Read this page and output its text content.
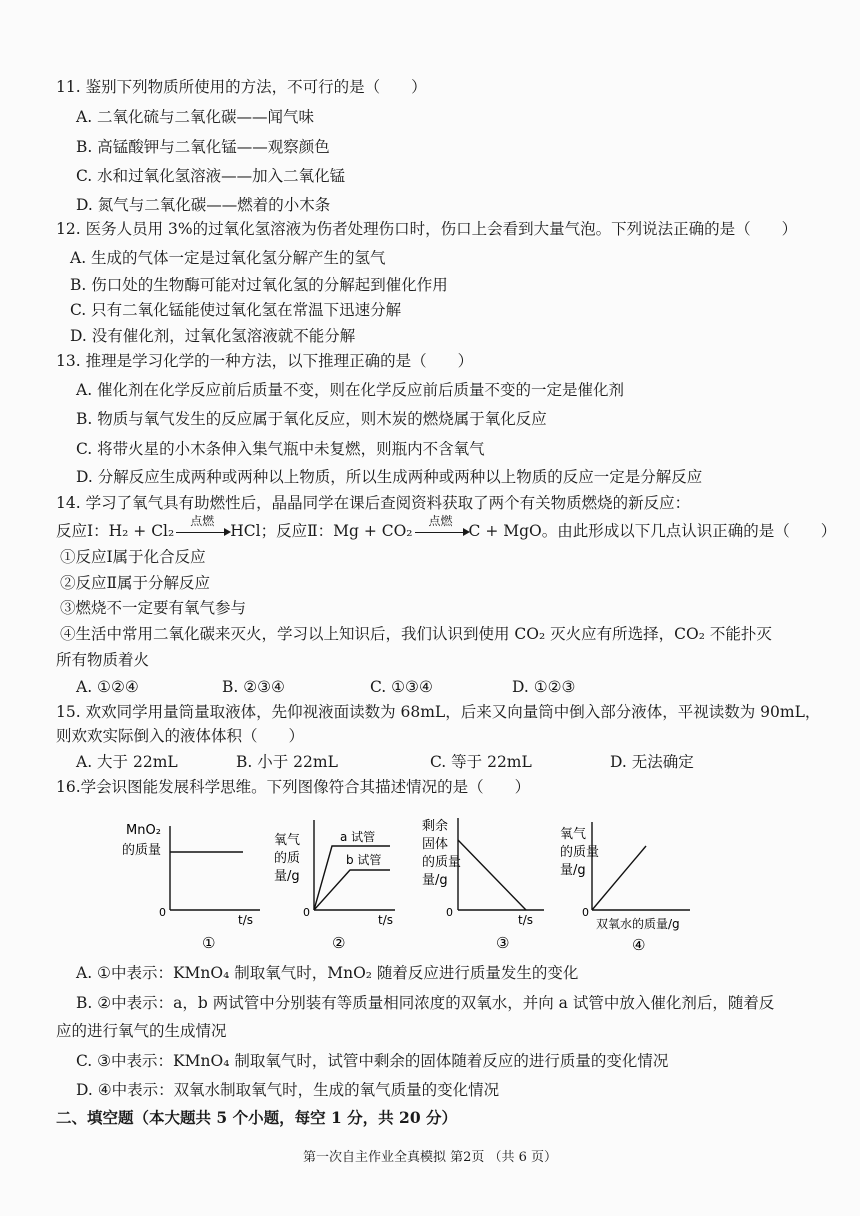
11. 鉴别下列物质所使用的方法，不可行的是（　　）
A. 二氧化硫与二氧化碳——闻气味
B. 高锰酸钾与二氧化锰——观察颜色
C. 水和过氧化氢溶液——加入二氧化锰
D. 氮气与二氧化碳——燃着的小木条
12. 医务人员用 3%的过氧化氢溶液为伤者处理伤口时，伤口上会看到大量气泡。下列说法正确的是（　　）
A. 生成的气体一定是过氧化氢分解产生的氢气
B. 伤口处的生物酶可能对过氧化氢的分解起到催化作用
C. 只有二氧化锰能使过氧化氢在常温下迅速分解
D. 没有催化剂，过氧化氢溶液就不能分解
13. 推理是学习化学的一种方法，以下推理正确的是（　　）
A. 催化剂在化学反应前后质量不变，则在化学反应前后质量不变的一定是催化剂
B. 物质与氧气发生的反应属于氧化反应，则木炭的燃烧属于氧化反应
C. 将带火星的小木条伸入集气瓶中未复燃，则瓶内不含氧气
D. 分解反应生成两种或两种以上物质，所以生成两种或两种以上物质的反应一定是分解反应
14. 学习了氧气具有助燃性后，晶晶同学在课后查阅资料获取了两个有关物质燃烧的新反应：
反应Ⅰ：H₂ + Cl₂
点燃
HCl；反应Ⅱ：Mg + CO₂
点燃
C + MgO。由此形成以下几点认识正确的是（　　）
①反应Ⅰ属于化合反应
②反应Ⅱ属于分解反应
③燃烧不一定要有氧气参与
④生活中常用二氧化碳来灭火，学习以上知识后，我们认识到使用 CO₂ 灭火应有所选择，CO₂ 不能扑灭
所有物质着火
A. ①②④	B. ②③④	C. ①③④	D. ①②③
15. 欢欢同学用量筒量取液体，先仰视液面读数为 68mL，后来又向量筒中倒入部分液体，平视读数为 90mL，
则欢欢实际倒入的液体体积（　　）
A. 大于 22mL	B. 小于 22mL	C. 等于 22mL	D. 无法确定
16.学会识图能发展科学思维。下列图像符合其描述情况的是（　　）
MnO₂
的质量
0
t/s
①
氧气
的质
量/g
a 试管
b 试管
0
t/s
②
剩余
固体
的质量
量/g
0
t/s
③
氧气
的质量
量/g
0
双氧水的质量/g
④
A. ①中表示：KMnO₄ 制取氧气时，MnO₂ 随着反应进行质量发生的变化
B. ②中表示：a，b 两试管中分别装有等质量相同浓度的双氧水，并向 a 试管中放入催化剂后，随着反
应的进行氧气的生成情况
C. ③中表示：KMnO₄ 制取氧气时，试管中剩余的固体随着反应的进行质量的变化情况
D. ④中表示：双氧水制取氧气时，生成的氧气质量的变化情况
二、填空题（本大题共 5 个小题，每空 1 分，共 20 分）
第一次自主作业全真模拟 第2页 （共 6 页）
